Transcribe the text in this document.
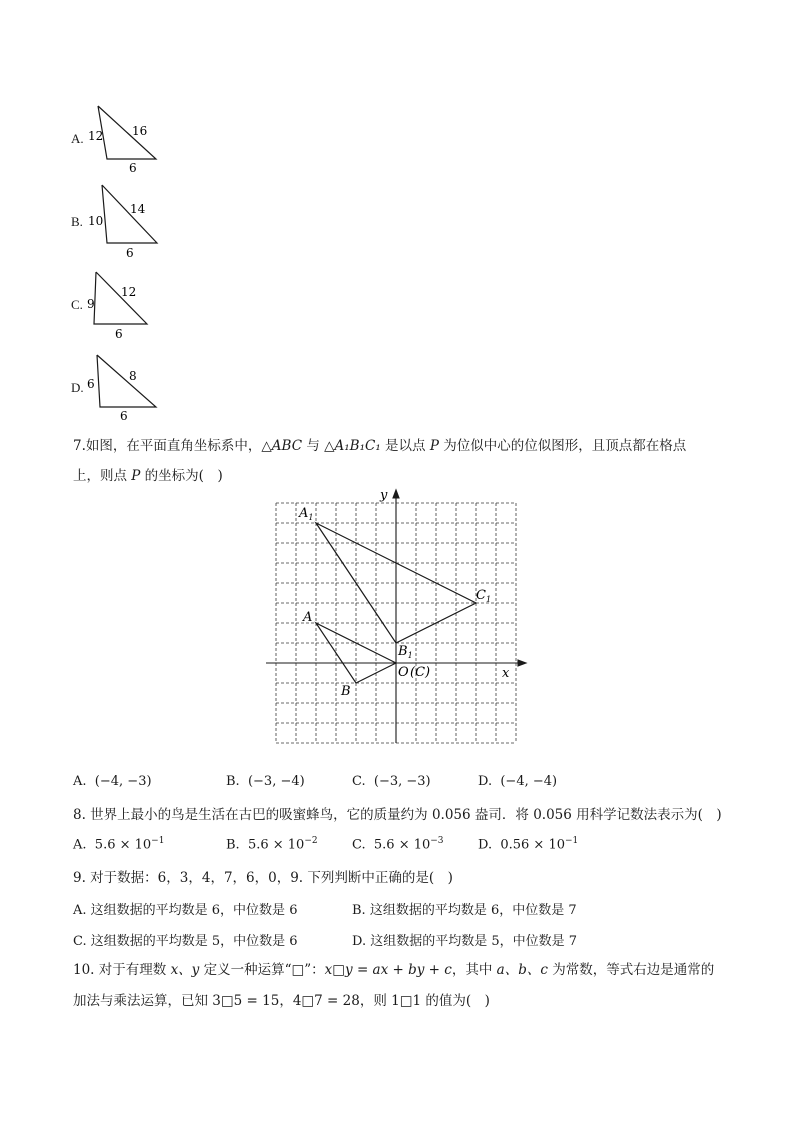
A. 12 16
6
B. 10
14
6
C. 9
12
6
D. 6
8
6
7.如图，在平面直角坐标系中，△ABC 与 △A₁B₁C₁ 是以点 P 为位似中心的位似图形，且顶点都在格点
上，则点 P 的坐标为(　)
y
x
$A_1$
$C_1$
A
$B_1$
O (C)
B
A. (−4, −3)	B. (−3, −4)	C. (−3, −3)	D. (−4, −4)
8. 世界上最小的鸟是生活在古巴的吸蜜蜂鸟，它的质量约为 0.056 盎司．将 0.056 用科学记数法表示为(　)
A. $5.6 \times 10^{-1}$	B. $5.6 \times 10^{-2}$	C. $5.6 \times 10^{-3}$	D. $0.56 \times 10^{-1}$
9. 对于数据：6，3，4，7，6，0，9. 下列判断中正确的是(　)
A. 这组数据的平均数是 6，中位数是 6	B. 这组数据的平均数是 6，中位数是 7
C. 这组数据的平均数是 5，中位数是 6	D. 这组数据的平均数是 5，中位数是 7
10. 对于有理数 x、y 定义一种运算“□”：x□y = ax + by + c，其中 a、b、c 为常数，等式右边是通常的
加法与乘法运算，已知 3□5 = 15，4□7 = 28，则 1□1 的值为(　)
